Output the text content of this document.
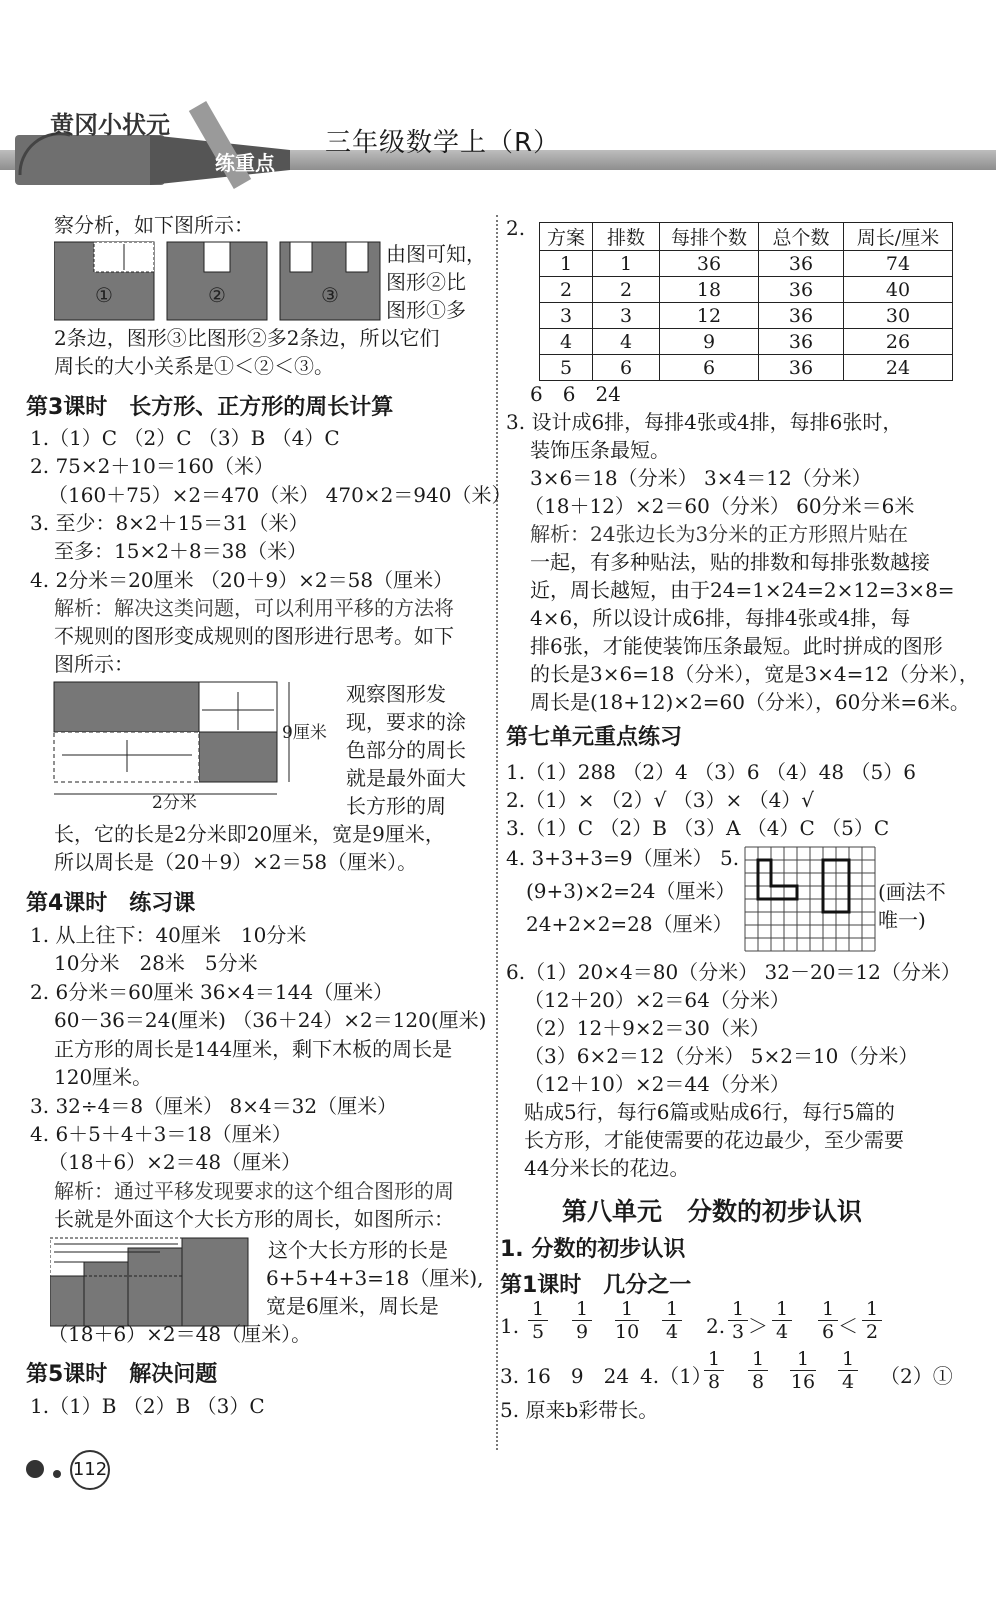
黄冈小状元
练重点
三年级数学上（R）
察分析，如下图所示：
①	②	③
由图可知，
图形②比
图形①多
2条边，图形③比图形②多2条边，所以它们
周长的大小关系是①＜②＜③。
第3课时　长方形、正方形的周长计算
1.（1）C （2）C （3）B （4）C
2. 75×2＋10＝160（米）
（160＋75）×2＝470（米） 470×2＝940（米）
3. 至少：8×2＋15＝31（米）
至多：15×2＋8＝38（米）
4. 2分米＝20厘米 （20＋9）×2＝58（厘米）
解析：解决这类问题，可以利用平移的方法将
不规则的图形变成规则的图形进行思考。如下
图所示：
9厘米
2分米
观察图形发
现，要求的涂
色部分的周长
就是最外面大
长方形的周
长，它的长是2分米即20厘米，宽是9厘米，
所以周长是（20＋9）×2＝58（厘米）。
第4课时　练习课
1. 从上往下：40厘米　10分米
10分米　28米　5分米
2. 6分米＝60厘米 36×4＝144（厘米）
60－36＝24(厘米) （36＋24）×2＝120(厘米)
正方形的周长是144厘米，剩下木板的周长是
120厘米。
3. 32÷4＝8（厘米） 8×4＝32（厘米）
4. 6＋5＋4＋3＝18（厘米）
（18＋6）×2＝48（厘米）
解析：通过平移发现要求的这个组合图形的周
长就是外面这个大长方形的周长，如图所示：
这个大长方形的长是
6+5+4+3=18（厘米),
宽是6厘米，周长是
（18＋6）×2＝48（厘米）。
第5课时　解决问题
1.（1）B （2）B （3）C

112
2. 方案	排数	每排个数	总个数	周长/厘米
1	1	36	36	74
2	2	18	36	40
3	3	12	36	30
4	4	9	36	26
5	6	6	36	24
6　6　24
3. 设计成6排，每排4张或4排，每排6张时，
装饰压条最短。
3×6＝18（分米） 3×4＝12（分米）
（18＋12）×2＝60（分米） 60分米＝6米
解析：24张边长为3分米的正方形照片贴在
一起，有多种贴法，贴的排数和每排张数越接
近，周长越短，由于24=1×24=2×12=3×8=
4×6，所以设计成6排，每排4张或4排，每
排6张，才能使装饰压条最短。此时拼成的图形
的长是3×6=18（分米），宽是3×4=12（分米），
周长是(18+12)×2=60（分米），60分米=6米。
第七单元重点练习
1.（1）288 （2）4 （3）6 （4）48 （5）6
2.（1）× （2）√ （3）× （4）√
3.（1）C （2）B （3）A （4）C （5）C
4. 3+3+3=9（厘米） 5.
(9+3)×2=24（厘米）
24+2×2=28（厘米）
(画法不
唯一)
6.（1）20×4＝80（分米） 32－20＝12（分米）
（12＋20）×2＝64（分米）
（2）12＋9×2＝30（米）
（3）6×2＝12（分米） 5×2＝10（分米）
（12＋10）×2＝44（分米）
贴成5行，每行6篇或贴成6行，每行5篇的
长方形，才能使需要的花边最少，至少需要
44分米长的花边。
第八单元　分数的初步认识
1. 分数的初步认识
第1课时　几分之一
1. $\frac{1}{5} \frac{1}{9} \frac{1}{10} \frac{1}{4} 2$. $\frac{1}{3} > \frac{1}{4} \frac{1}{6} < \frac{1}{2}$
3. 16　9　24 4.（1）
$\frac{1}{8} \frac{1}{8} \frac{1}{16} \frac{1}{4}$ （2）①
5. 原来b彩带长。
